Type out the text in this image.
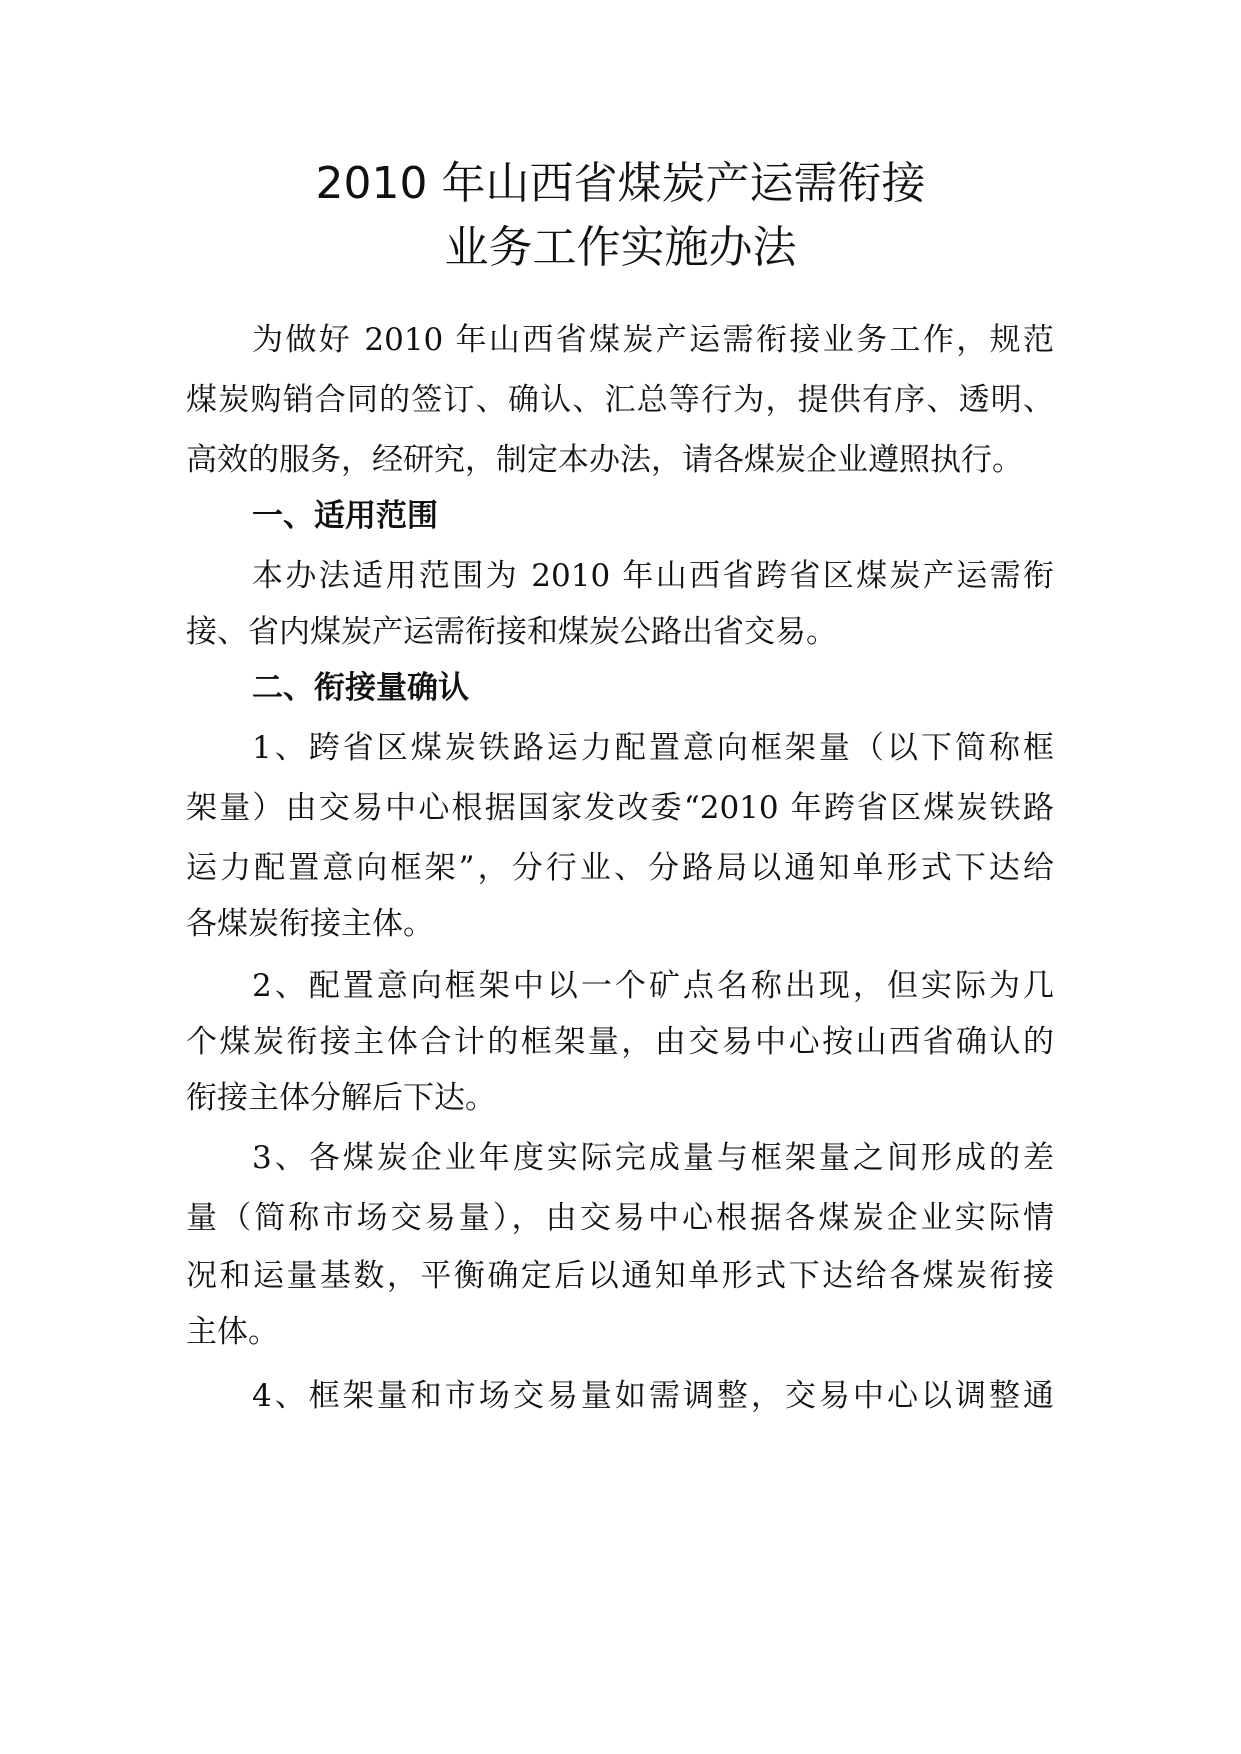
2010 年山西省煤炭产运需衔接
业务工作实施办法

为做好 2010 年山西省煤炭产运需衔接业务工作，规范

煤炭购销合同的签订、确认、汇总等行为，提供有序、透明、

高效的服务，经研究，制定本办法，请各煤炭企业遵照执行。

一、适用范围

本办法适用范围为 2010 年山西省跨省区煤炭产运需衔

接、省内煤炭产运需衔接和煤炭公路出省交易。

二、衔接量确认

1、跨省区煤炭铁路运力配置意向框架量（以下简称框

架量）由交易中心根据国家发改委“2010 年跨省区煤炭铁路

运力配置意向框架”，分行业、分路局以通知单形式下达给

各煤炭衔接主体。

2、配置意向框架中以一个矿点名称出现，但实际为几

个煤炭衔接主体合计的框架量，由交易中心按山西省确认的

衔接主体分解后下达。

3、各煤炭企业年度实际完成量与框架量之间形成的差

量（简称市场交易量），由交易中心根据各煤炭企业实际情

况和运量基数，平衡确定后以通知单形式下达给各煤炭衔接

主体。

4、框架量和市场交易量如需调整，交易中心以调整通
